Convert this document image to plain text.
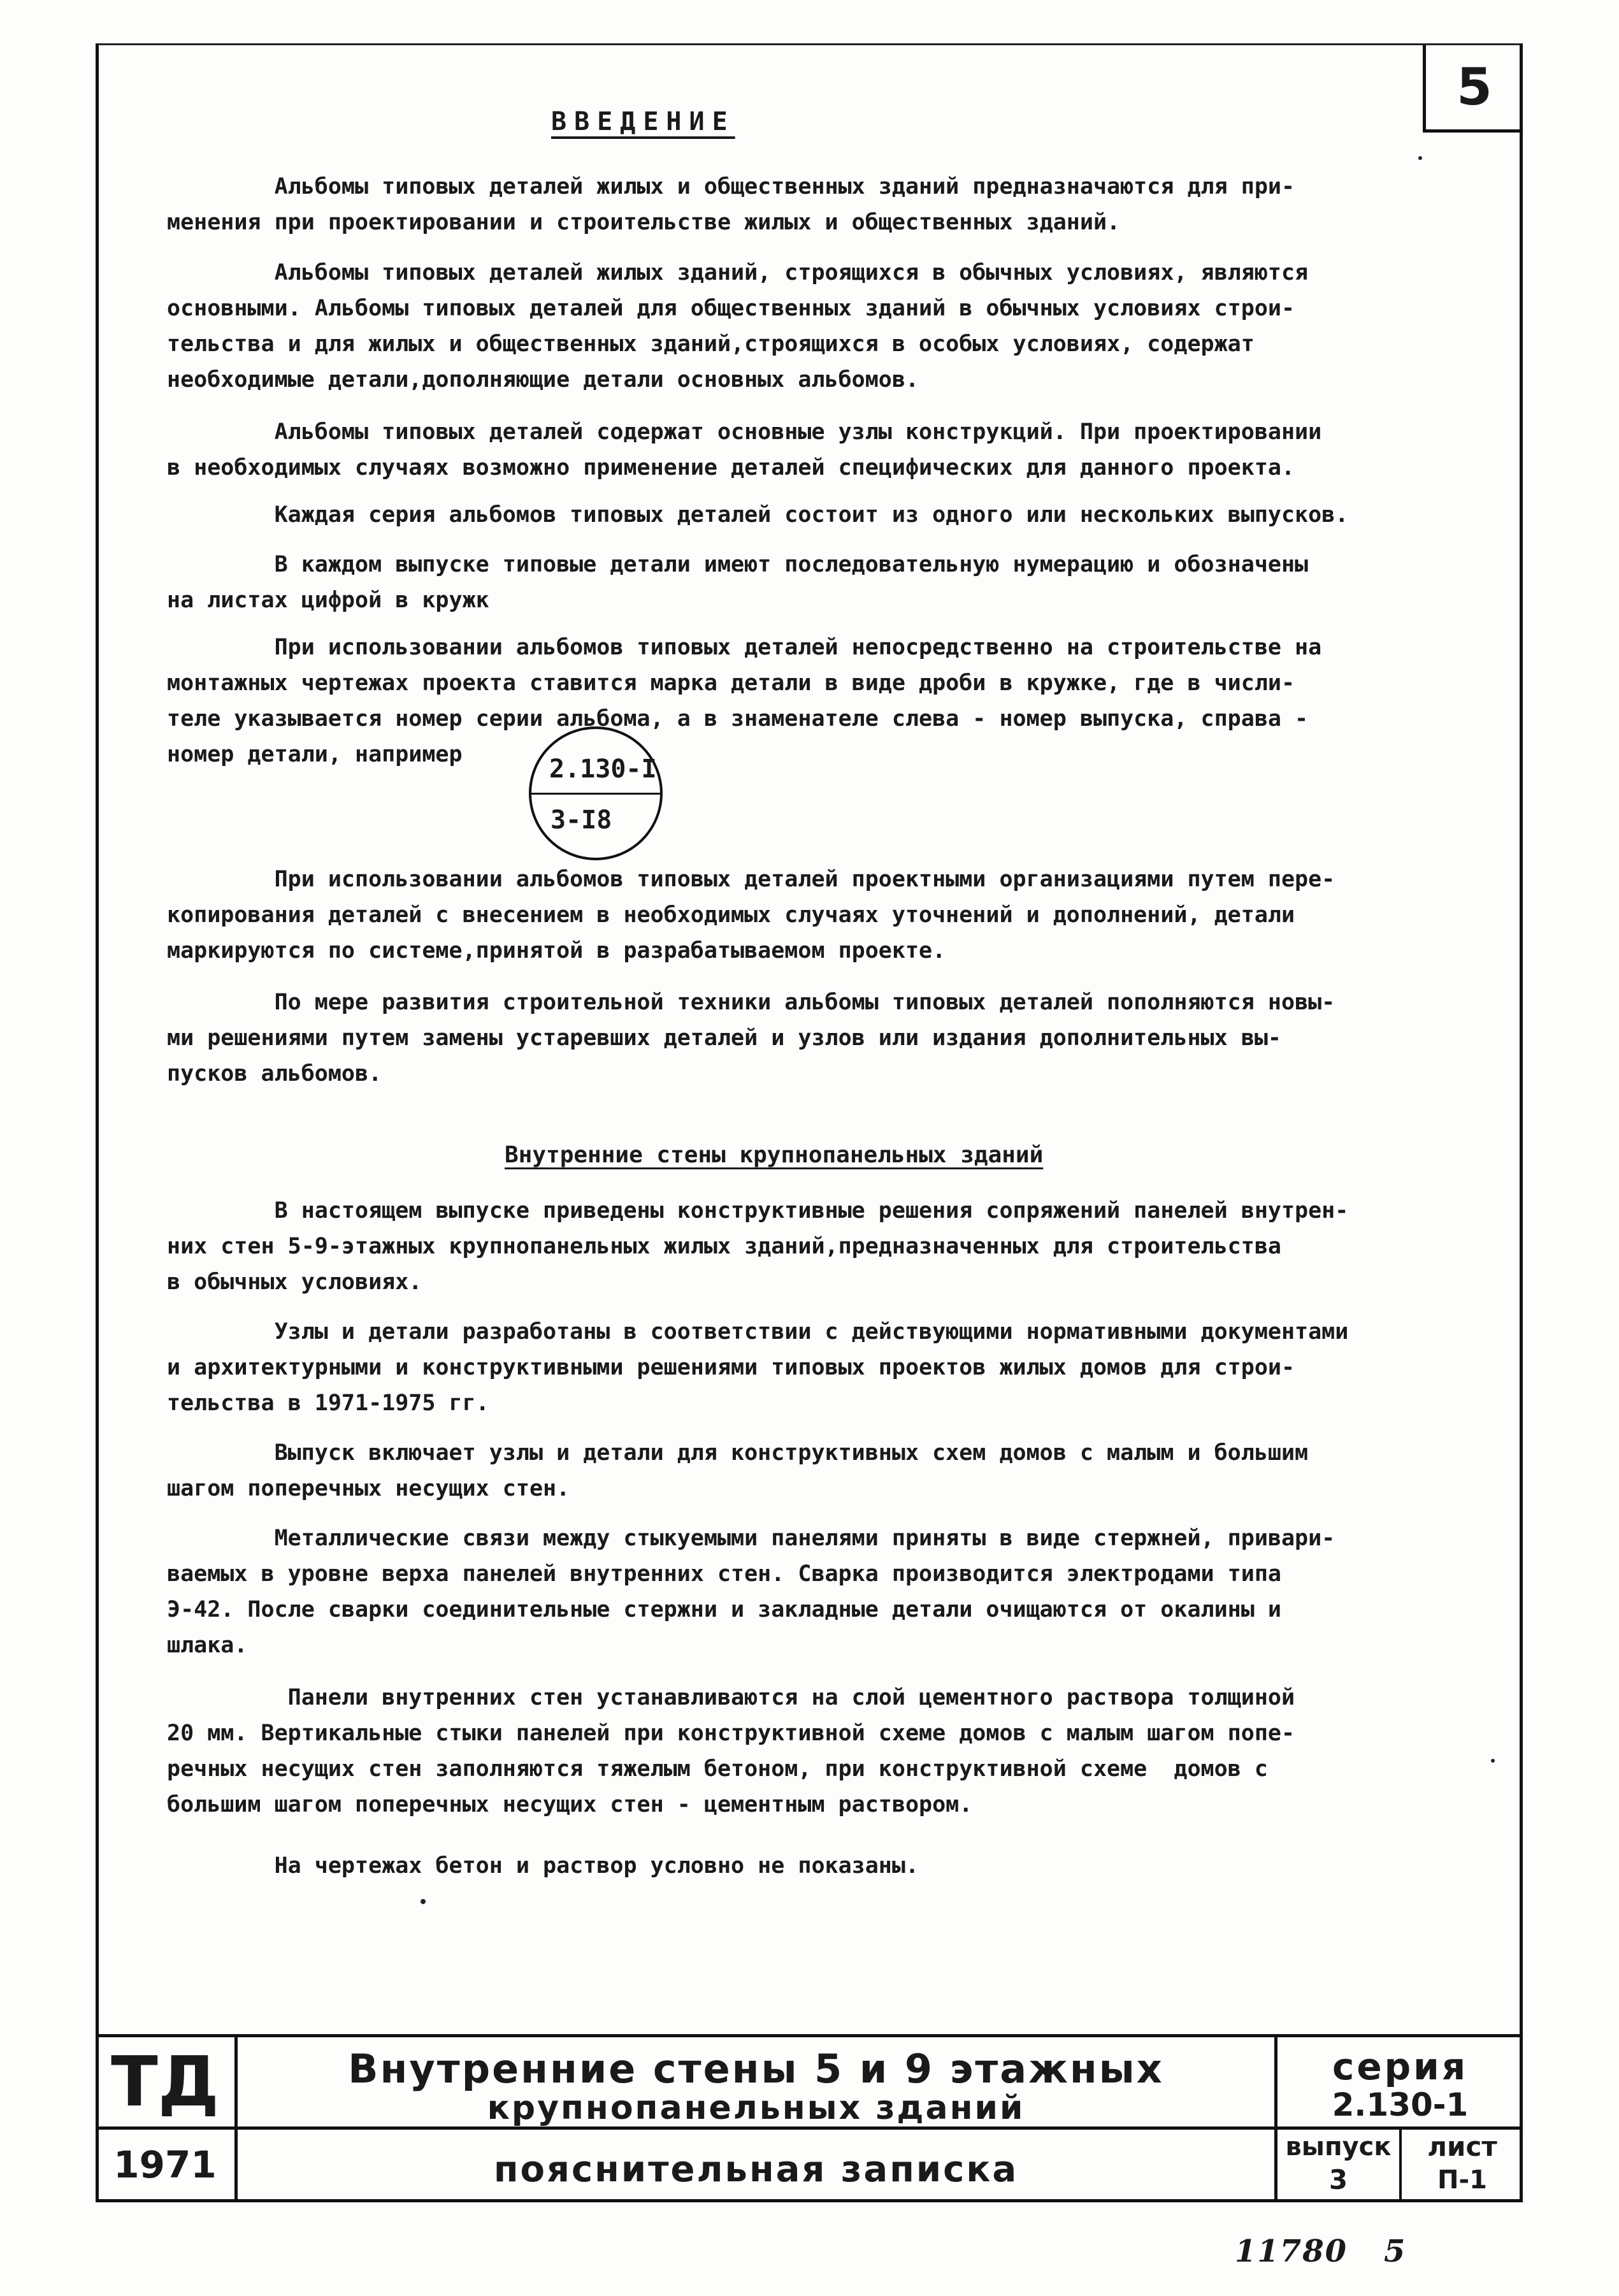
5
ВВЕДЕНИЕ

Альбомы типовых деталей жилых и общественных зданий предназначаются для при-
менения при проектировании и строительстве жилых и общественных зданий.

Альбомы типовых деталей жилых зданий, строящихся в обычных условиях, являются
основными. Альбомы типовых деталей для общественных зданий в обычных условиях строи-
тельства и для жилых и общественных зданий,строящихся в особых условиях, содержат
необходимые детали,дополняющие детали основных альбомов.

Альбомы типовых деталей содержат основные узлы конструкций. При проектировании
в необходимых случаях возможно применение деталей специфических для данного проекта.

Каждая серия альбомов типовых деталей состоит из одного или нескольких выпусков.

В каждом выпуске типовые детали имеют последовательную нумерацию и обозначены
на листах цифрой в кружк

При использовании альбомов типовых деталей непосредственно на строительстве на
монтажных чертежах проекта ставится марка детали в виде дроби в кружке, где в числи-
теле указывается номер серии альбома, а в знаменателе слева - номер выпуска, справа -
номер детали, например	2.130-I
3-I8

При использовании альбомов типовых деталей проектными организациями путем пере-
копирования деталей с внесением в необходимых случаях уточнений и дополнений, детали
маркируются по системе,принятой в разрабатываемом проекте.

По мере развития строительной техники альбомы типовых деталей пополняются новы-
ми решениями путем замены устаревших деталей и узлов или издания дополнительных вы-
пусков альбомов.

Внутренние стены крупнопанельных зданий

В настоящем выпуске приведены конструктивные решения сопряжений панелей внутрен-
них стен 5-9-этажных крупнопанельных жилых зданий,предназначенных для строительства
в обычных условиях.

Узлы и детали разработаны в соответствии с действующими нормативными документами
и архитектурными и конструктивными решениями типовых проектов жилых домов для строи-
тельства в 1971-1975 гг.

Выпуск включает узлы и детали для конструктивных схем домов с малым и большим
шагом поперечных несущих стен.

Металлические связи между стыкуемыми панелями приняты в виде стержней, привари-
ваемых в уровне верха панелей внутренних стен. Сварка производится электродами типа
Э-42. После сварки соединительные стержни и закладные детали очищаются от окалины и
шлака.

Панели внутренних стен устанавливаются на слой цементного раствора толщиной
20 мм. Вертикальные стыки панелей при конструктивной схеме домов с малым шагом попе-
речных несущих стен заполняются тяжелым бетоном, при конструктивной схеме  домов с
большим шагом поперечных несущих стен - цементным раствором.

На чертежах бетон и раствор условно не показаны.

ТД
1971
Внутренние стены 5 и 9 этажных
крупнопанельных зданий
пояснительная записка
серия
2.130-1
выпуск
3
лист
П-1
11780 5
